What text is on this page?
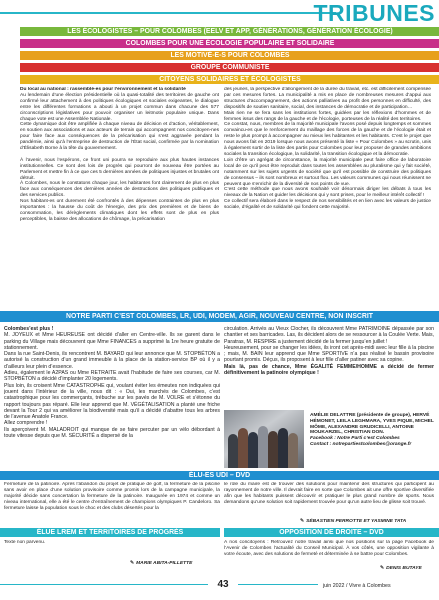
TRIBUNES
LES ÉCOLOGISTES – POUR COLOMBES (EELV ET APP, GÉNÉRATIONS, GÉNÉRATION ÉCOLOGIE)
COLOMBES POUR UNE ÉCOLOGIE POPULAIRE ET SOLIDAIRE
LES MOTIVÉ-E-S POUR COLOMBES
GROUPE COMMUNISTE
CITOYENS SOLIDAIRES ET ÉCOLOGISTES

Du local au national : rassemblé-es pour l’environnement et la solidarité

Au lendemain d’une élection présidentielle où la quasi-totalité des territoires de gauche ont confirmé leur attachement à des politiques écologiques et sociales exigeantes, le dialogue entre les différentes formations a abouti à un projet commun dans chacune des 577 circonscriptions législatives pour pouvoir organiser un leitmotiv populaire unique. Dans chaque vote est une Assemblée Nationale.

Cette dynamique doit être amplifiée à chaque niveau de décision et d’action, véritablement, en soutien aux associations et aux acteurs de terrain qui accompagnent nos concitoyen-nes pour faire face aux conséquences de la précarisation qui s’est aggravée pendant la pandémie, ainsi qu’à l’entreprise de destruction de l’État social, confirmée par la nomination d’Élisabeth Borne à la tête du gouvernement.

À l’avenir, nous l’espérons, ce front uni pourra se reproduire aux plus hautes instances institutionnelles. Ce sont des lois de progrès qui pourront de nouveau être portées au Parlement et mettre fin à ce que ces 5 dernières années de politiques injustes et brutales ont détruit.

À Colombes, nous le constatons chaque jour, les habitantes font clairement de plus en plus face aux conséquences des dernières années de destructions des politiques publiques et des services publics.

Nos habitant-es ont durement été confrontés à des dépenses contraintes de plus en plus importantes : la hausse du coût de l’énergie, des prix des premières et de biens de consommation, les dérèglements climatiques dont les effets sont de plus en plus perceptibles, la baisse des allocations de chômage, la précarisation

des jeunes, la perspective d’allongement de la durée du travail, etc. est difficilement compensée par ces mesures fortes. La municipalité a mis en place de nombreuses mesures d’appui aux structures d’accompagnement, des actions palliatives au profit des personnes en difficulté, des dispositifs de soutien sanitaire, social, des instances de démocratie et de participation…

Mais rien ne se fera sans les institutions fortes, guidées par les réflexions d’hommes et de femmes issus des rangs de la gauche et de l’écologie, porteuses de la réalité des territoires.

Ce constat, nous, membres de la majorité municipale l’avons posé depuis longtemps et sommes convaincu-es que le renforcement du maillage des forces de la gauche et de l’écologie était et reste le plus prompt à accompagner au mieux les habitantes et les habitants. C’est le projet que nous avons fait en 2019 lorsque nous avons présenté la liste « Pour Colombes » au scrutin, unis à également sortir de la liste des partis pour Colombes pour leur proposer de grandes ambitions sociales la transition écologique, la solidarité, la transition écologique et la démocratie.

Loin d’être un agrégat de circonstance, la majorité municipale peut faire office de laboratoire local de ce qu’il peut être reproduit dans toutes les assemblées au pluralisme qui y fait société, notamment sur les sujets urgents de société que qu’il est possible de construire des politiques de consensus – ils sont nombreux et surtout flou. Les valeurs communes qui nous réunissent ne peuvent que s’enrichir de la diversité de nos points de vue.

C’est cette méthode que nous avons souhaité voir désormais diriger les débats à tous les niveaux de la Nation et guider les décisions qui y sont prises, pour le meilleur intérêt collectif !

Ce collectif sera élaboré dans le respect de nos sensibilités et en lien avec les valeurs de justice sociale, d’égalité et de solidarité qui fondent cette majorité.

NOTRE PARTI C’EST COLOMBES, LR, UDI, MODEM, AGIR, NOUVEAU CENTRE, NON INSCRIT

Colombes’est plus !

M. JOYEUX et Mme HEUREUSE ont décidé d’aller en Centre-ville. Ils se garent dans le parking du Village mais découvrent que Mme FINANCES a supprimé la 1re heure gratuite de stationnement.

Dans la rue Saint-Denis, ils rencontrent M. BAYARD qui leur annonce que M. STOPBÉTON a autorisé la construction d’un grand immeuble à la place de la station-service BP où il y a d’ailleurs leur plein d’essence.

Adieu, également le A2PAS ou Mme RETRAITE avait l’habitude de faire ses courses, car M. STOPBÉTON a décidé d’implanter 20 logements.

Plus loin, ils croisent Mme CATASTROPHE qui, voulant éviter les émeutes non indiquées qui jouent dans l’intérieur de la ville, nous dit : « Oui, les marchés de Colombes, c’est catastrophique pour les commerçants, trébuche sur les pavés de M. VOLRE et s’étonne du rapport toujours pas réparé. Elle leur apprend que M. VÉGÉTALISATION a planté une friche devant la Tour 2 qui va améliorer la biodiversité mais qu’il a décidé d’abattre tous les arbres de l’avenue Anatole France.

Allez comprendre !

Ils aperçoivent M. MALADROIT qui manque de se faire percuter par un vélo débordant à toute vitesse depuis que M. SÉCURITÉ a dispersé de la

circulation. Arrivés au Vieux Clocher, ils découvrent Mme PATRIMOINE dépassée par son chantier et ses barricades. Las, ils décident alors de se ressourcer à la Coulée Verte. Mais, Paratras, M. RESPIRE a justement décidé de la fermer jusqu’en juillet !

Heureusement, pour se changer les idées, ils iront cet après-midi avec leur fille à la piscine ; mais, M. BAIN leur apprend que Mme SPORTIVE n’a pas réalisé le bassin provisoire pourtant promis. Déçus, ils proposent à leur fille d’aller patiner avec sa copine.

Mais là, pas de chance, Mme ÉGALITÉ FEMME/HOMME a décidé de fermer définitivement la patinoire olympique !

AMÉLIE DELATTRE (présidente de groupe), HERVÉ HÉMONET, LEILA LEGHMARA, YVES PIQUE, MICHEL MÔME, ALEXANDRE GRUDICELLI, ANTOINE MOUKARZEL, CHRISTIAN DON.

Facebook : Notre Parti c’est Colombes

Contact : notrepartiestcolombes@orange.fr

ÉLU-ES UDI – DVD

Fermeture de la patinoire. Après l’abandon du projet de pratique de golf, la fermeture de la piscine sans avoir en place d’une solution provisoire comme promis lors de la campagne municipale, la majorité décide sans concertation la fermeture de la patinoire. Inaugurée en 1974 et comme un niveau international, elle a été le centre d’entraînement de champions olympiques P. Candeloro. Sa fermeture laisse la population sous le choc et des clubs désertés pour la

le rôle du maire est de trouver des solutions pour maintenir des structures qui participent au rayonnement de notre ville. Il devrait faire en sorte que Colombes ait une offre sportive diversifiée afin que les habitants puissent découvrir et pratiquer le plus grand nombre de sports. Nous demandons qu’une solution soit rapidement trouvée pour qu’un autre lieu de glisse soit trouvé.

✎ SÉBASTIEN PERROTTE ET YASMINE TATA
ÉLUE LREM ET TERRITOIRES DE PROGRÈS

Texte non parvenu.

✎ MARIE ABITA-PILLETTE
OPPOSITION DE DROITE – DVD

À nos concitoyens : Retrouvez notre travail ainsi que nos positions sur la page Facebook de l’Avenir de Colombes l’actualité du Conseil Municipal. À vos côtés, une opposition vigilante à votre écoute, avec des solutions de fermeté et déterminée à se battre pour Colombes.

✎ DENIS BUTAYE
43	juin 2022 / Vivre à Colombes
